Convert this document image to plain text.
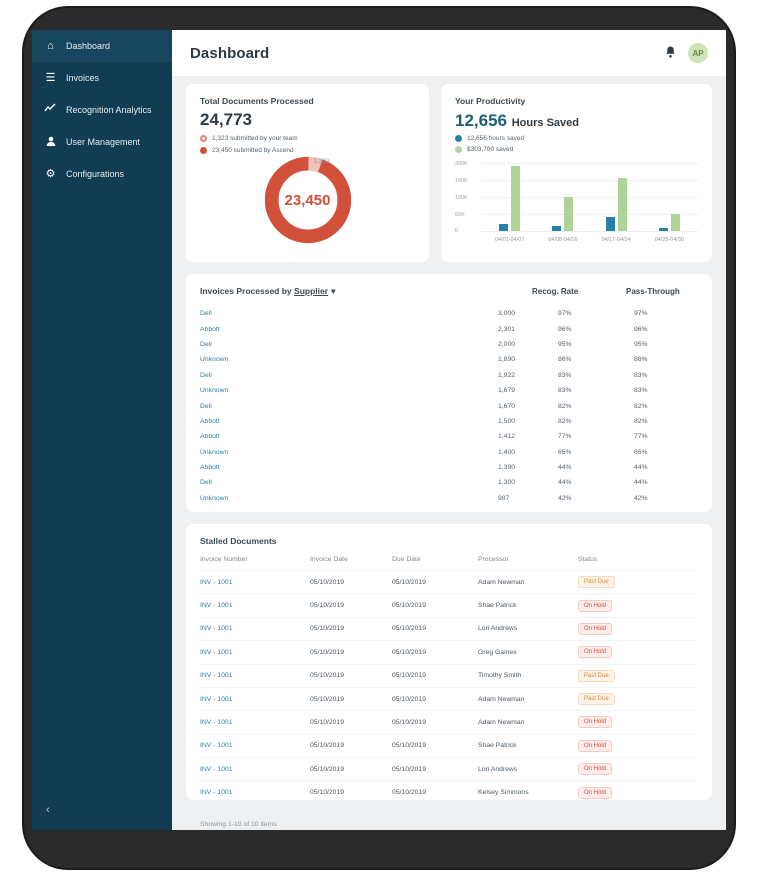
⌂	Dashboard
☰ Invoices
Recognition Analytics
User Management
⚙ Configurations
‹
Dashboard	AP
Total Documents Processed
24,773
1,323 submitted by your team
23,450 submitted by Ascend
23,450
1,323
Your Productivity
12,656 Hours Saved
12,656 hours saved
$303,700 saved
200K
150K
100K
50K
0
04/01-04/07	04/08-04/16	04/17-04/24	04/25-04/30
Invoices Processed by
Supplier ▾	Recog. Rate	Pass-Through
Dell	3,000	97%	97%
Abbott	2,301	96%	96%
Dell	2,000	95%	95%
Unknown	1,890	86%	86%
Dell	1,922	83%	83%
Unknown	1,679	83%	83%
Dell	1,670	82%	82%
Abbott	1,500	82%	82%
Abbott	1,412	77%	77%
Unknown	1,400	65%	65%
Abbott	1,390	44%	44%
Dell	1,300	44%	44%
Unknown	987	42%	42%
Stalled Documents
Invoice Number	Invoice Date	Due Date	Processor	Status
INV - 1001	05/10/2019	05/10/2019	Adam Newman	Past Due
INV - 1001	05/10/2019	05/10/2019	Shae Patrick	On Hold
INV - 1001	05/10/2019	05/10/2019	Lori Andrews	On Hold
INV - 1001	05/10/2019	05/10/2019	Greg Gaines	On Hold
INV - 1001	05/10/2019	05/10/2019	Timothy Smith	Past Due
INV - 1001	05/10/2019	05/10/2019	Adam Newman	Past Due
INV - 1001	05/10/2019	05/10/2019	Adam Newman	On Hold
INV - 1001	05/10/2019	05/10/2019	Shae Patrick	On Hold
INV - 1001	05/10/2019	05/10/2019	Lori Andrews	On Hold
INV - 1001	05/10/2019	05/10/2019	Kelsey Simmons	On Hold
Showing 1-10 of 10 items
